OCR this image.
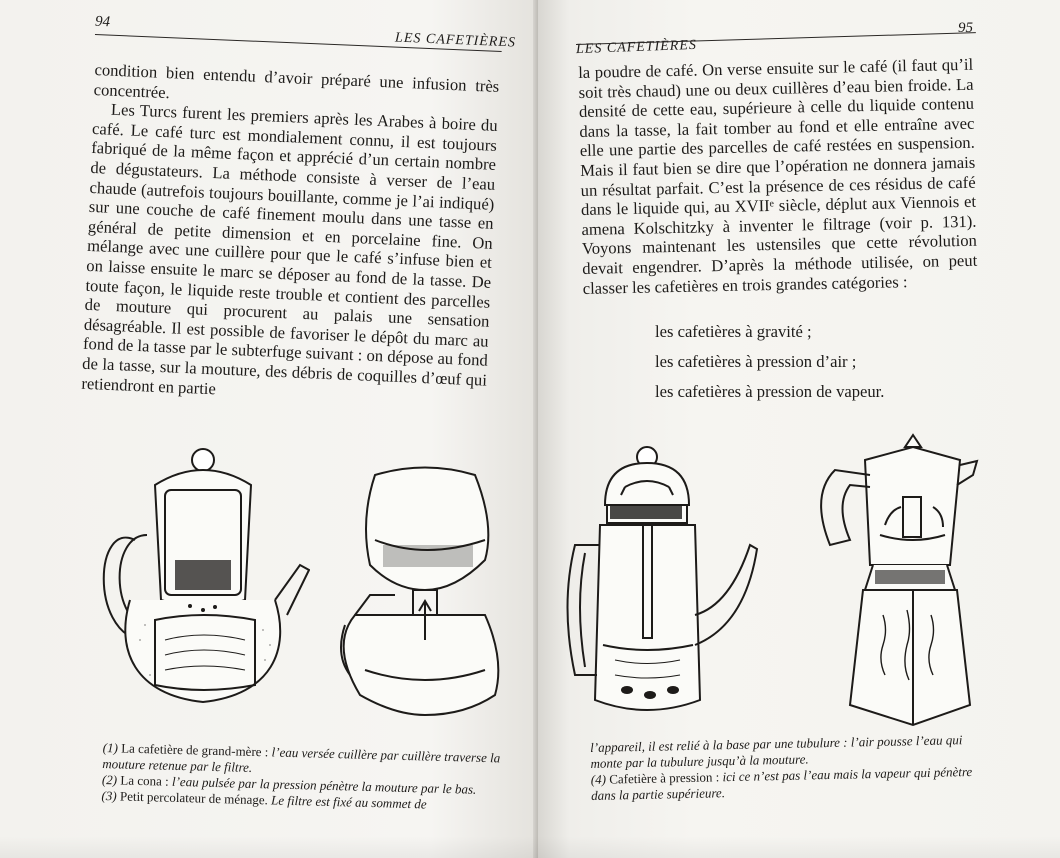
94
LES CAFETIÈRES

condition bien entendu d’avoir préparé une infusion très concentrée.

Les Turcs furent les premiers après les Arabes à boire du café. Le café turc est mondialement connu, il est toujours fabriqué de la même façon et apprécié d’un certain nombre de dégustateurs. La méthode consiste à verser de l’eau chaude (autrefois toujours bouillante, comme je l’ai indiqué) sur une couche de café finement moulu dans une tasse en général de petite dimension et en porcelaine fine. On mélange avec une cuillère pour que le café s’infuse bien et on laisse ensuite le marc se déposer au fond de la tasse. De toute façon, le liquide reste trouble et contient des parcelles de mouture qui procurent au palais une sensation désagréable. Il est possible de favoriser le dépôt du marc au fond de la tasse par le subterfuge suivant : on dépose au fond de la tasse, sur la mouture, des débris de coquilles d’œuf qui retiendront en partie

(1) La cafetière de grand-mère : l’eau versée cuillère par cuillère traverse la mouture retenue par le filtre.
(2) La cona : l’eau pulsée par la pression pénètre la mouture par le bas.
(3) Petit percolateur de ménage. Le filtre est fixé au sommet de
95
LES CAFETIÈRES

la poudre de café. On verse ensuite sur le café (il faut qu’il soit très chaud) une ou deux cuillères d’eau bien froide. La densité de cette eau, supérieure à celle du liquide contenu dans la tasse, la fait tomber au fond et elle entraîne avec elle une partie des parcelles de café restées en suspension. Mais il faut bien se dire que l’opération ne donnera jamais un résultat parfait. C’est la présence de ces résidus de café dans le liquide qui, au XVIIᵉ siècle, déplut aux Viennois et amena Kolschitzky à inventer le filtrage (voir p. 131). Voyons maintenant les ustensiles que cette révolution devait engendrer. D’après la méthode utilisée, on peut classer les cafetières en trois grandes catégories :

les cafetières à gravité ;
les cafetières à pression d’air ;
les cafetières à pression de vapeur.
l’appareil, il est relié à la base par une tubulure : l’air pousse l’eau qui monte par la tubulure jusqu’à la mouture.
(4) Cafetière à pression : ici ce n’est pas l’eau mais la vapeur qui pénètre dans la partie supérieure.
